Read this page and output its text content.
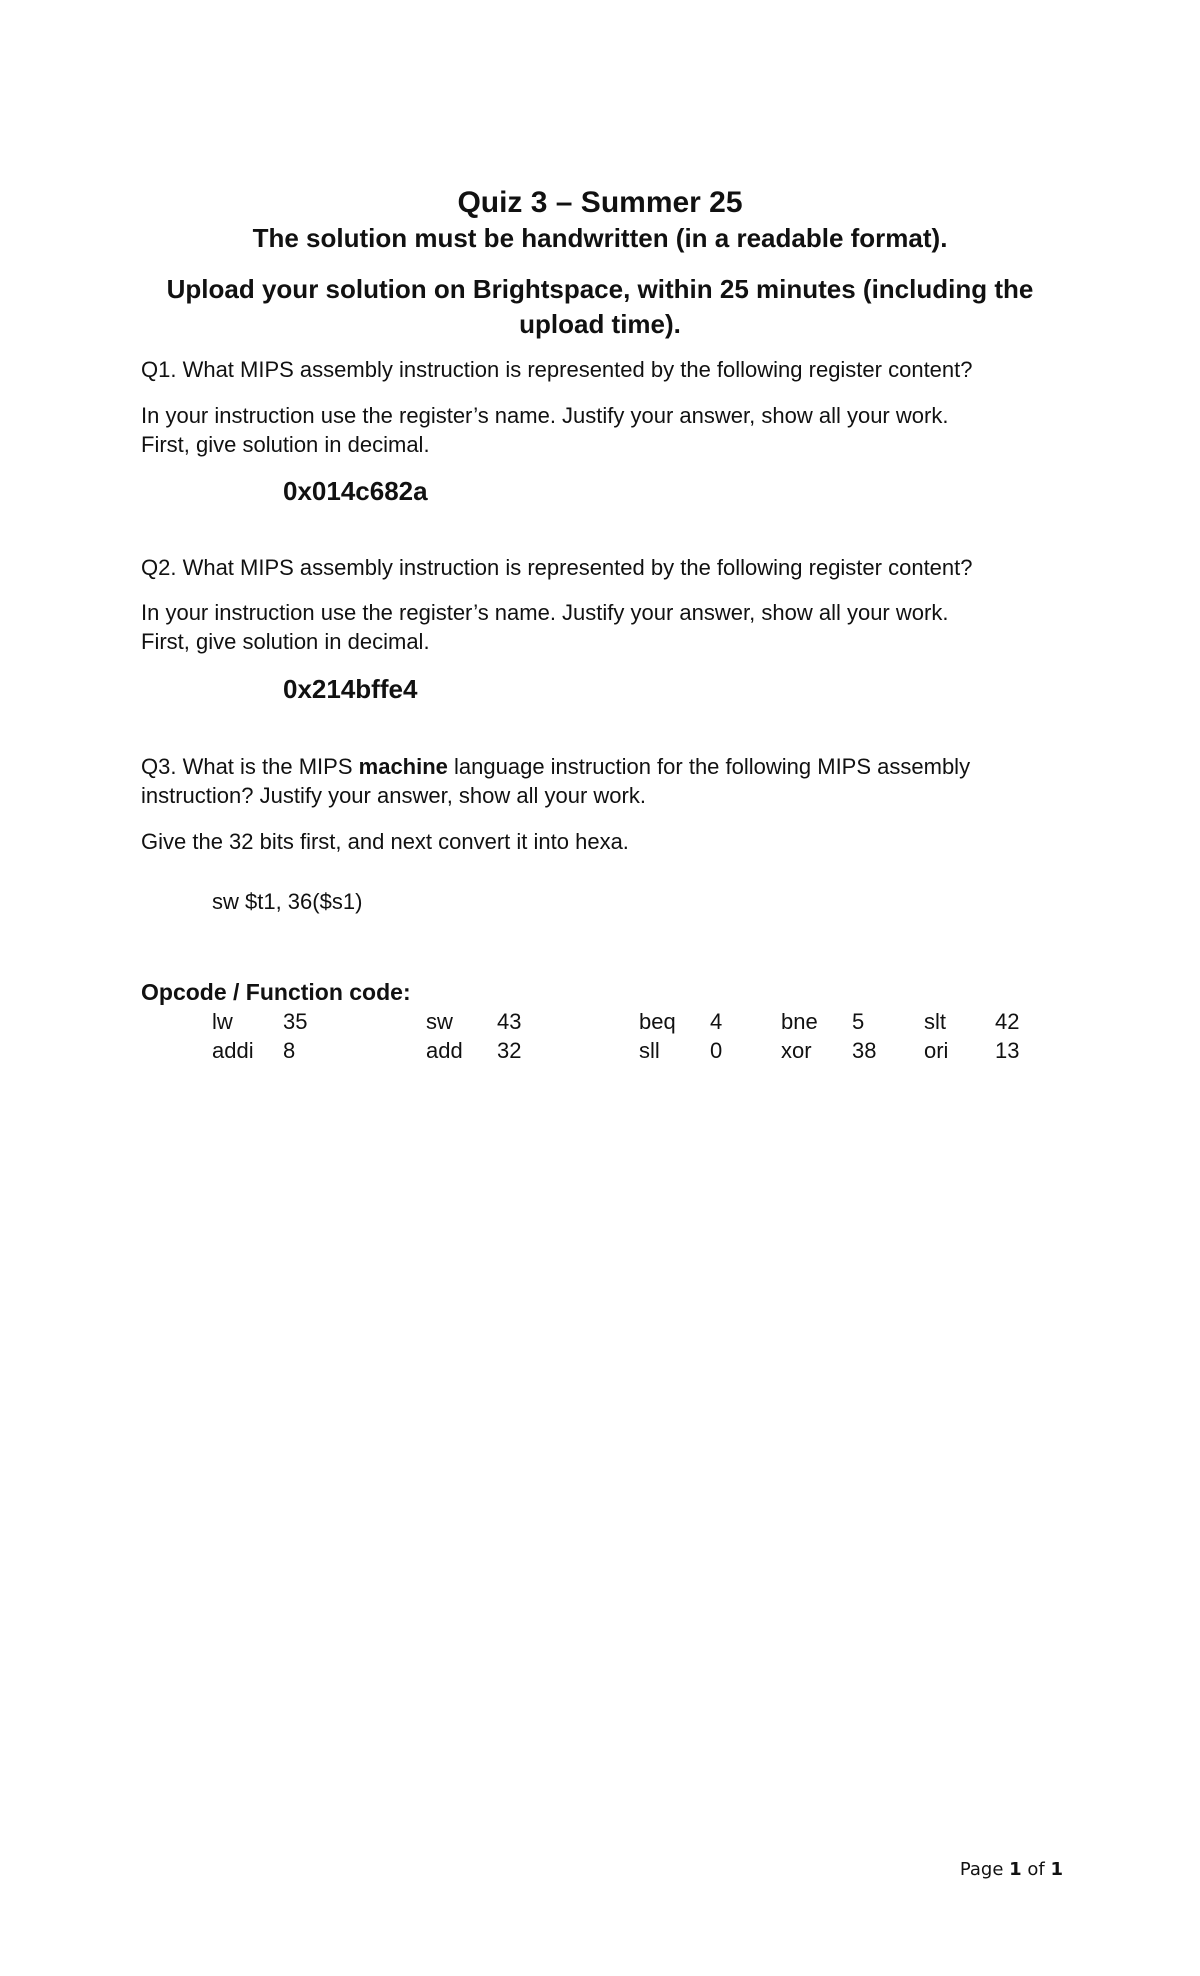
Quiz 3 – Summer 25
The solution must be handwritten (in a readable format).
Upload your solution on Brightspace, within 25 minutes (including the upload time).
Q1. What MIPS assembly instruction is represented by the following register content?
In your instruction use the register’s name. Justify your answer, show all your work.
First, give solution in decimal.
0x014c682a
Q2. What MIPS assembly instruction is represented by the following register content?
In your instruction use the register’s name. Justify your answer, show all your work.
First, give solution in decimal.
0x214bffe4
Q3. What is the MIPS machine language instruction for the following MIPS assembly
instruction? Justify your answer, show all your work.
Give the 32 bits first, and next convert it into hexa.
sw $t1, 36($s1)
Opcode / Function code:
lw 35	sw 43	beq 4	bne 5	slt 42
addi 8	add 32	sll 0	xor 38 ori 13
Page 1 of 1
